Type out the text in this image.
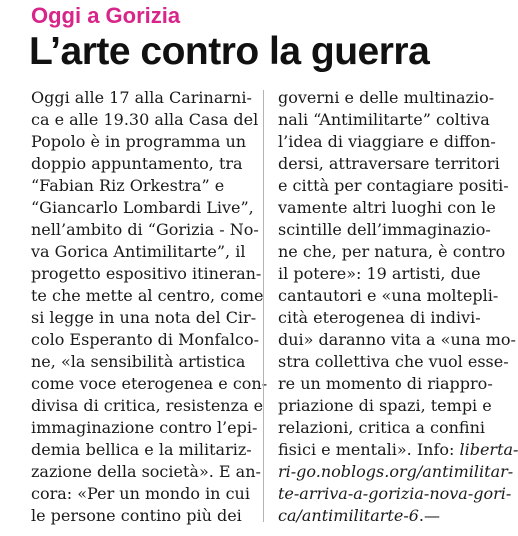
Oggi a Gorizia
L’arte contro la guerra
Oggi alle 17 alla Carinarni-
ca e alle 19.30 alla Casa del
Popolo è in programma un
doppio appuntamento, tra
“Fabian Riz Orkestra” e
“Giancarlo Lombardi Live”,
nell’ambito di “Gorizia - No-
va Gorica Antimilitarte”, il
progetto espositivo itineran-
te che mette al centro, come
si legge in una nota del Cir-
colo Esperanto di Monfalco-
ne, «la sensibilità artistica
come voce eterogenea e con-
divisa di critica, resistenza e
immaginazione contro l’epi-
demia bellica e la militariz-
zazione della società». E an-
cora: «Per un mondo in cui
le persone contino più dei
governi e delle multinazio-
nali “Antimilitarte” coltiva
l’idea di viaggiare e diffon-
dersi, attraversare territori
e città per contagiare positi-
vamente altri luoghi con le
scintille dell’immaginazio-
ne che, per natura, è contro
il potere»: 19 artisti, due
cantautori e «una moltepli-
cità eterogenea di indivi-
dui» daranno vita a «una mo-
stra collettiva che vuol esse-
re un momento di riappro-
priazione di spazi, tempi e
relazioni, critica a confini
fisici e mentali». Info: liberta-
ri-go.noblogs.org/antimilitar-
te-arriva-a-gorizia-nova-gori-
ca/antimilitarte-6.—
